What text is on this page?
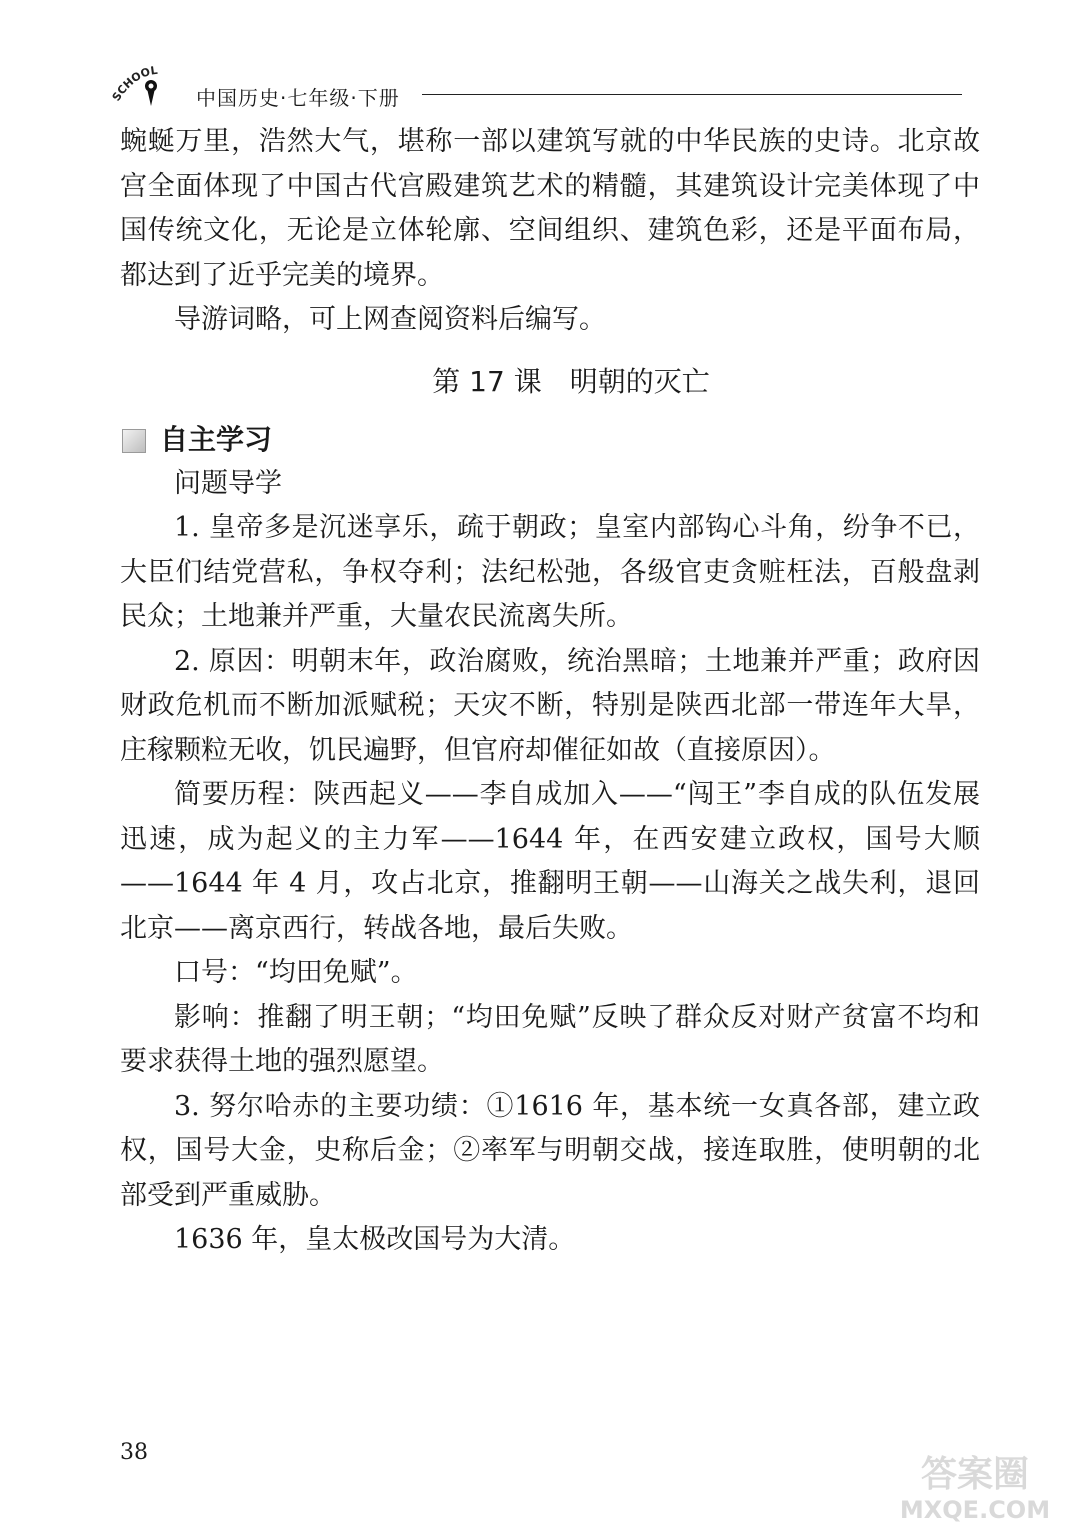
SCHOOL
中国历史·七年级·下册

蜿蜒万里，浩然大气，堪称一部以建筑写就的中华民族的史诗。北京故宫全面体现了中国古代宫殿建筑艺术的精髓，其建筑设计完美体现了中国传统文化，无论是立体轮廓、空间组织、建筑色彩，还是平面布局，都达到了近乎完美的境界。

导游词略，可上网查阅资料后编写。

第 17 课　明朝的灭亡
自主学习

问题导学

1. 皇帝多是沉迷享乐，疏于朝政；皇室内部钩心斗角，纷争不已，大臣们结党营私，争权夺利；法纪松弛，各级官吏贪赃枉法，百般盘剥民众；土地兼并严重，大量农民流离失所。

2. 原因：明朝末年，政治腐败，统治黑暗；土地兼并严重；政府因财政危机而不断加派赋税；天灾不断，特别是陕西北部一带连年大旱，庄稼颗粒无收，饥民遍野，但官府却催征如故（直接原因）。

简要历程：陕西起义——李自成加入——“闯王”李自成的队伍发展迅速，成为起义的主力军——1644 年，在西安建立政权，国号大顺——1644 年 4 月，攻占北京，推翻明王朝——山海关之战失利，退回北京——离京西行，转战各地，最后失败。

口号：“均田免赋”。

影响：推翻了明王朝；“均田免赋”反映了群众反对财产贫富不均和要求获得土地的强烈愿望。

3. 努尔哈赤的主要功绩：①1616 年，基本统一女真各部，建立政权，国号大金，史称后金；②率军与明朝交战，接连取胜，使明朝的北部受到严重威胁。

1636 年，皇太极改国号为大清。

38
答案圈
MXQE.COM
